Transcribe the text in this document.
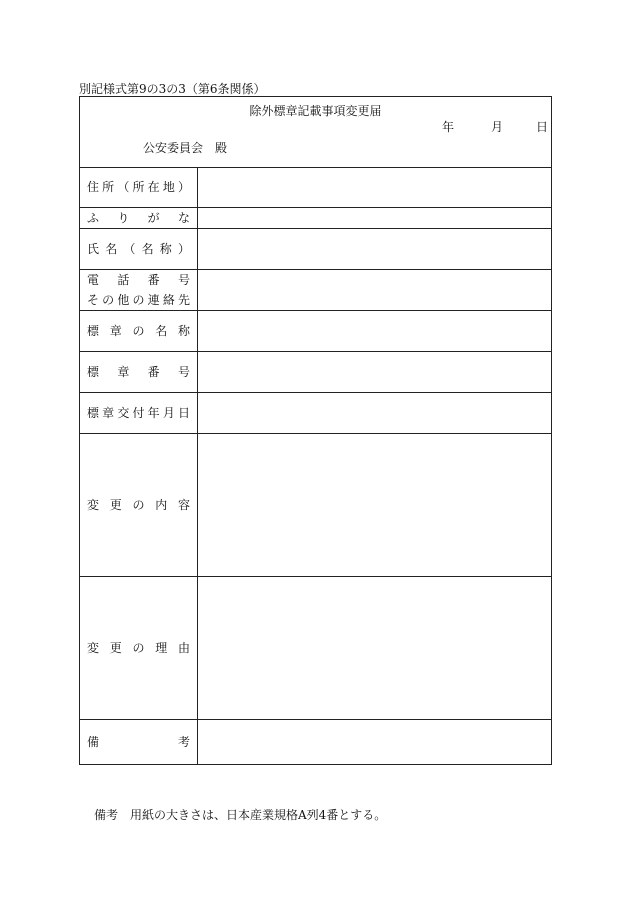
別記様式第9の3の3（第6条関係）
除外標章記載事項変更届
年	月	日
公安委員会　殿
住所（所在地）
ふりがな
氏名（名称）
電話番号
その他の連絡先
標章の名称
標章番号
標章交付年月日
変更の内容
変更の理由
備考
備考　用紙の大きさは、日本産業規格A列4番とする。
